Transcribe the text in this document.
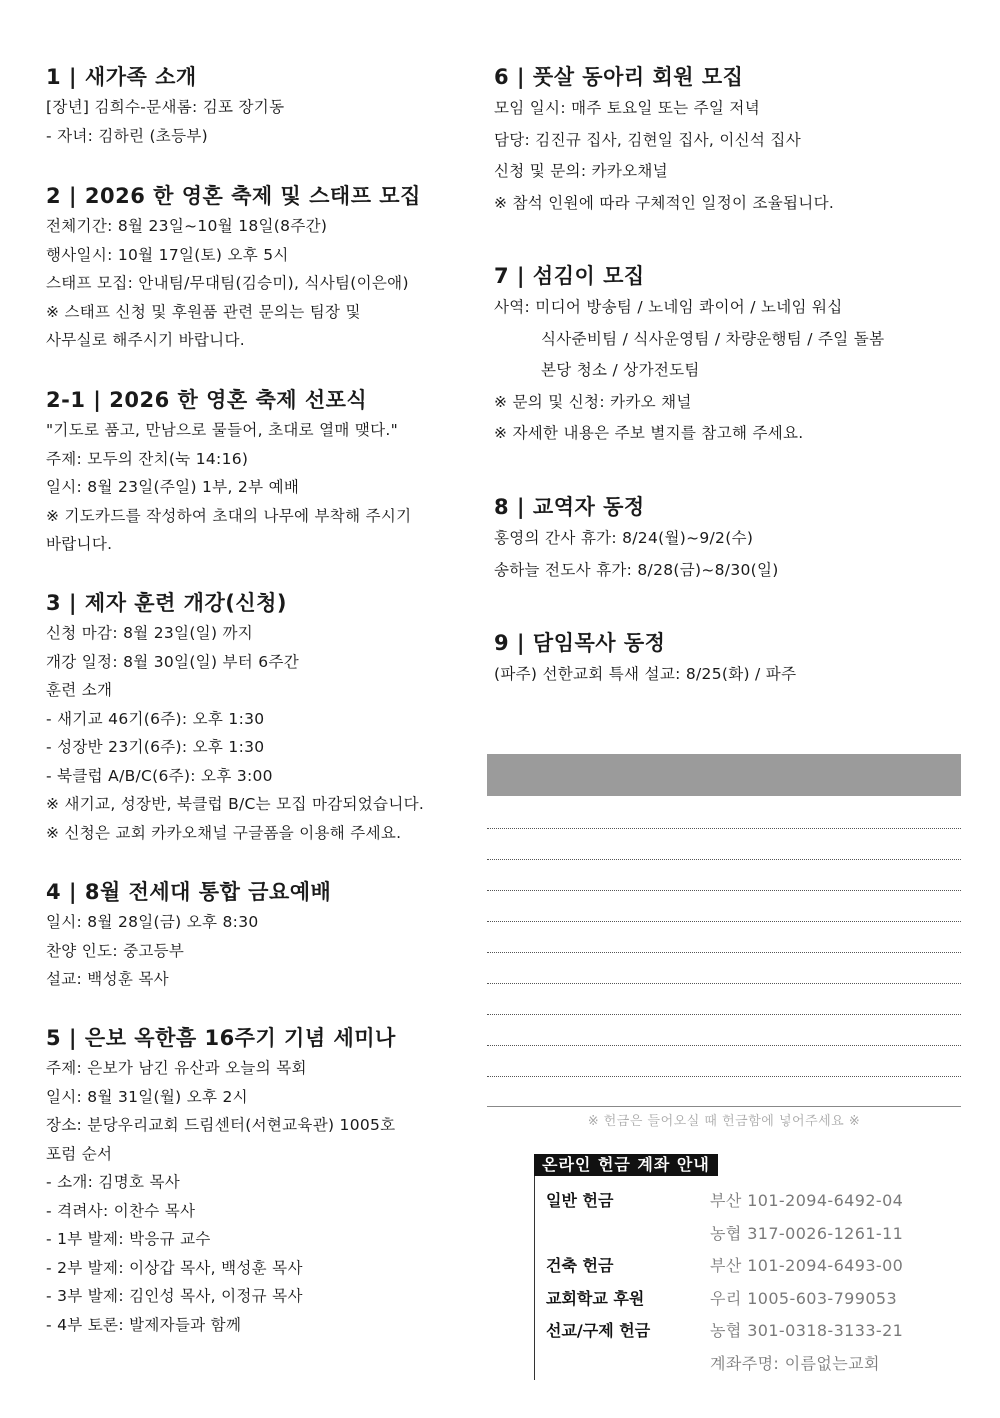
1 | 새가족 소개
[장년] 김희수-문새롬: 김포 장기동
- 자녀: 김하린 (초등부)
2 | 2026 한 영혼 축제 및 스태프 모집
전체기간: 8월 23일~10월 18일(8주간)
행사일시: 10월 17일(토) 오후 5시
스태프 모집: 안내팀/무대팀(김승미), 식사팀(이은애)
※ 스태프 신청 및 후원품 관련 문의는 팀장 및
사무실로 해주시기 바랍니다.
2-1 | 2026 한 영혼 축제 선포식
"기도로 품고, 만남으로 물들어, 초대로 열매 맺다."
주제: 모두의 잔치(눅 14:16)
일시: 8월 23일(주일) 1부, 2부 예배
※ 기도카드를 작성하여 초대의 나무에 부착해 주시기
바랍니다.
3 | 제자 훈련 개강(신청)
신청 마감: 8월 23일(일) 까지
개강 일정: 8월 30일(일) 부터 6주간
훈련 소개
- 새기교 46기(6주): 오후 1:30
- 성장반 23기(6주): 오후 1:30
- 북클럽 A/B/C(6주): 오후 3:00
※ 새기교, 성장반, 북클럽 B/C는 모집 마감되었습니다.
※ 신청은 교회 카카오채널 구글폼을 이용해 주세요.
4 | 8월 전세대 통합 금요예배
일시: 8월 28일(금) 오후 8:30
찬양 인도: 중고등부
설교: 백성훈 목사
5 | 은보 옥한흠 16주기 기념 세미나
주제: 은보가 남긴 유산과 오늘의 목회
일시: 8월 31일(월) 오후 2시
장소: 분당우리교회 드림센터(서현교육관) 1005호
포럼 순서
- 소개: 김명호 목사
- 격려사: 이찬수 목사
- 1부 발제: 박응규 교수
- 2부 발제: 이상갑 목사, 백성훈 목사
- 3부 발제: 김인성 목사, 이정규 목사
- 4부 토론: 발제자들과 함께
6 | 풋살 동아리 회원 모집
모임 일시: 매주 토요일 또는 주일 저녁
담당: 김진규 집사, 김현일 집사, 이신석 집사
신청 및 문의: 카카오채널
※ 참석 인원에 따라 구체적인 일정이 조율됩니다.
7 | 섬김이 모집
사역: 미디어 방송팀 / 노네임 콰이어 / 노네임 워십
식사준비팀 / 식사운영팀 / 차량운행팀 / 주일 돌봄
본당 청소 / 상가전도팀
※ 문의 및 신청: 카카오 채널
※ 자세한 내용은 주보 별지를 참고해 주세요.
8 | 교역자 동정
홍영의 간사 휴가: 8/24(월)~9/2(수)
송하늘 전도사 휴가: 8/28(금)~8/30(일)
9 | 담임목사 동정
(파주) 선한교회 특새 설교: 8/25(화) / 파주
※ 헌금은 들어오실 때 헌금함에 넣어주세요 ※
온라인 헌금 계좌 안내
일반 헌금	부산 101-2094-6492-04
농협 317-0026-1261-11
건축 헌금	부산 101-2094-6493-00
교회학교 후원	우리 1005-603-799053
선교/구제 헌금	농협 301-0318-3133-21
계좌주명: 이름없는교회
